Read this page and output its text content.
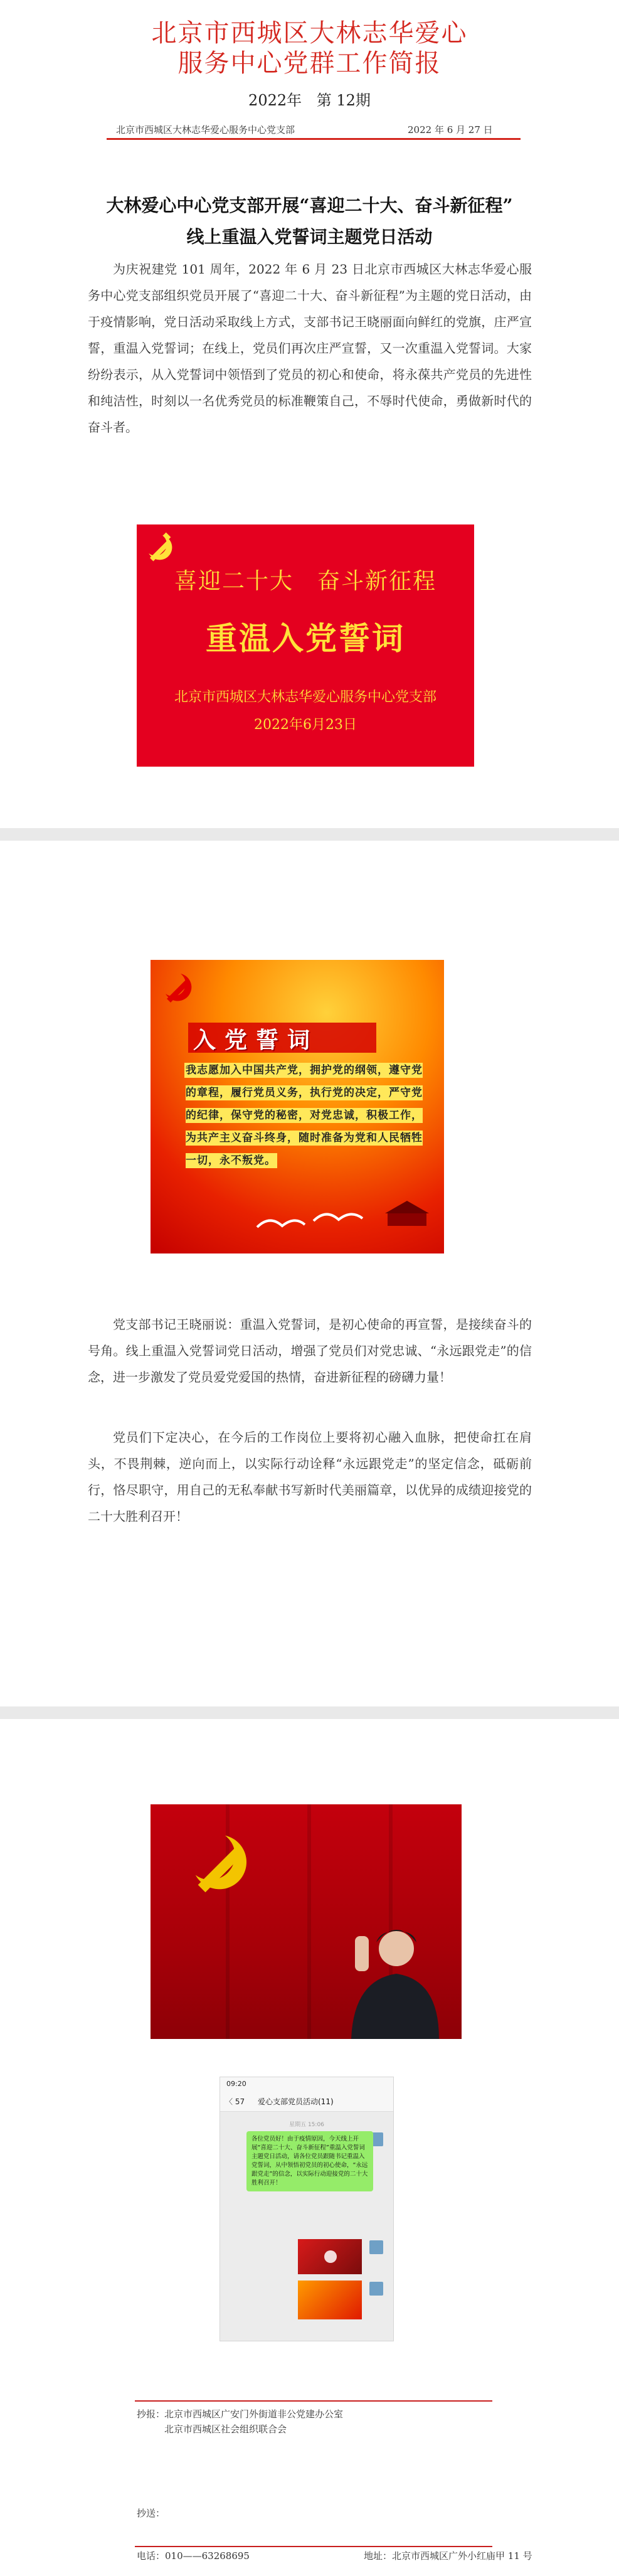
北京市西城区大林志华爱心
服务中心党群工作简报
2022年 第 12期
北京市西城区大林志华爱心服务中心党支部	2022 年 6 月 27 日
大林爱心中心党支部开展“喜迎二十大、奋斗新征程”
线上重温入党誓词主题党日活动
为庆祝建党 101 周年，2022 年 6 月 23 日北京市西城区大林志华爱心服务中心党支部组织党员开展了“喜迎二十大、奋斗新征程”为主题的党日活动，由于疫情影响，党日活动采取线上方式，支部书记王晓丽面向鲜红的党旗，庄严宣誓，重温入党誓词；在线上，党员们再次庄严宣誓，又一次重温入党誓词。大家纷纷表示，从入党誓词中领悟到了党员的初心和使命，将永葆共产党员的先进性和纯洁性，时刻以一名优秀党员的标准鞭策自己，不辱时代使命，勇做新时代的奋斗者。
喜迎二十大　奋斗新征程
重温入党誓词
北京市西城区大林志华爱心服务中心党支部
2022年6月23日
入党誓词
我志愿加入中国共产党，拥护党的纲领，遵守党的章程，履行党员义务，执行党的决定，严守党的纪律，保守党的秘密，对党忠诚，积极工作，为共产主义奋斗终身，随时准备为党和人民牺牲一切，永不叛党。
党支部书记王晓丽说：重温入党誓词，是初心使命的再宣誓，是接续奋斗的号角。线上重温入党誓词党日活动，增强了党员们对党忠诚、“永远跟党走”的信念，进一步激发了党员爱党爱国的热情，奋进新征程的磅礴力量！
党员们下定决心，在今后的工作岗位上要将初心融入血脉，把使命扛在肩头，不畏荆棘，逆向而上，以实际行动诠释“永远跟党走”的坚定信念，砥砺前行，恪尽职守，用自己的无私奉献书写新时代美丽篇章，以优异的成绩迎接党的二十大胜利召开！
09:20
〈 57 爱心支部党员活动(11)
星期五 15:06
各位党员好！由于疫情原因，今天线上开展“喜迎二十大、奋斗新征程”重温入党誓词主题党日活动，请各位党员跟随书记重温入党誓词，从中领悟初党员的初心使命，“永远跟党走”的信念，以实际行动迎接党的二十大胜利召开！
抄报：
北京市西城区广安门外街道非公党建办公室
北京市西城区社会组织联合会
抄送：
电话：010——63268695	地址：北京市西城区广外小红庙甲 11 号
